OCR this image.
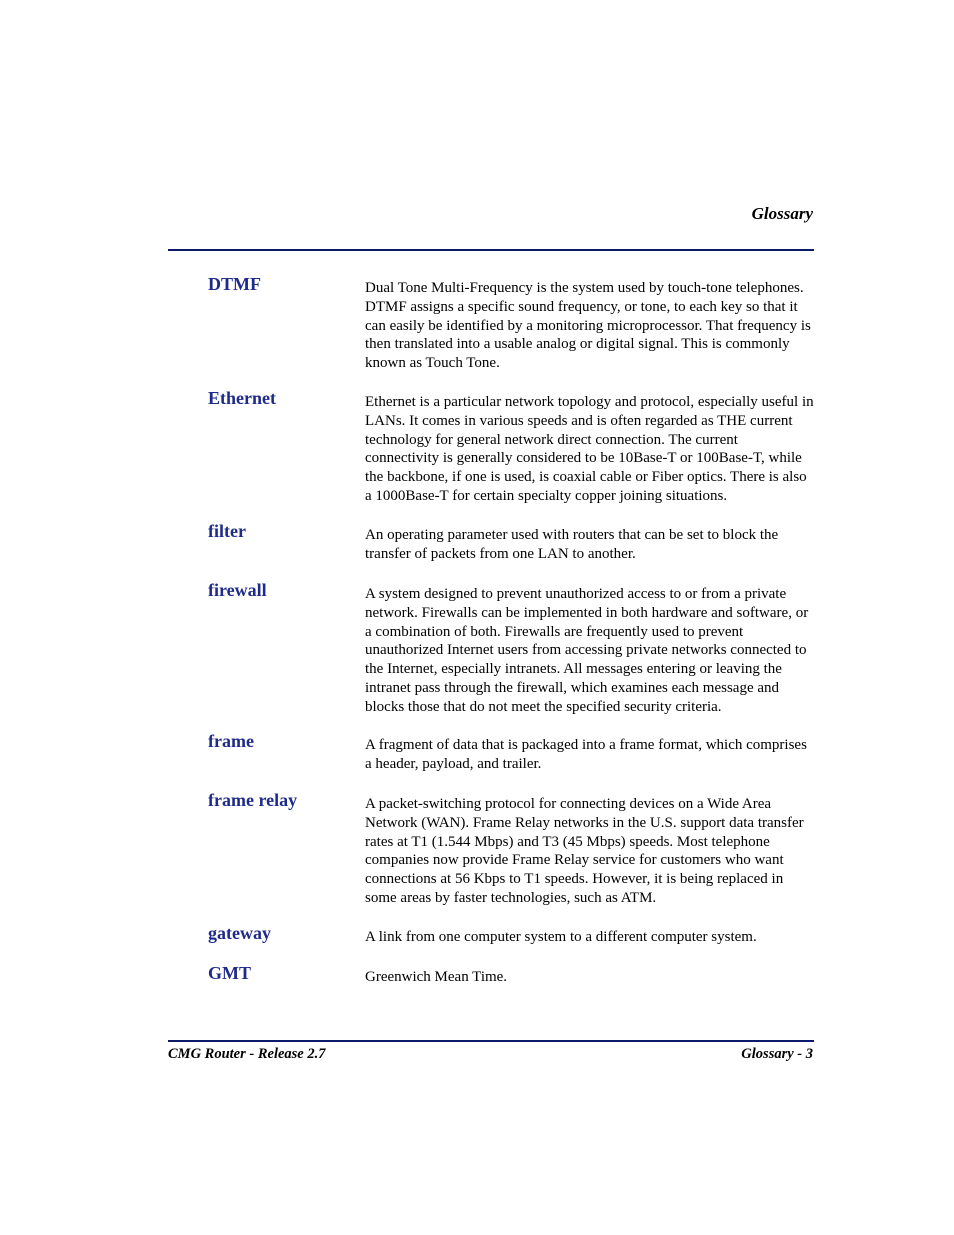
Glossary
DTMF	Dual Tone Multi-Frequency is the system used by touch-tone telephones. DTMF assigns a specific sound frequency, or tone, to each key so that it can easily be identified by a monitoring microprocessor. That frequency is then translated into a usable analog or digital signal. This is commonly known as Touch Tone.

Ethernet	Ethernet is a particular network topology and protocol, especially useful in LANs. It comes in various speeds and is often regarded as THE current technology for general network direct connection. The current connectivity is generally considered to be 10Base-T or 100Base-T, while the backbone, if one is used, is coaxial cable or Fiber optics. There is also a 1000Base-T for certain specialty copper joining situations.

filter	An operating parameter used with routers that can be set to block the transfer of packets from one LAN to another.

firewall	A system designed to prevent unauthorized access to or from a private network. Firewalls can be implemented in both hardware and software, or a combination of both. Firewalls are frequently used to prevent unauthorized Internet users from accessing private networks connected to the Internet, especially intranets. All messages entering or leaving the intranet pass through the firewall, which examines each message and blocks those that do not meet the specified security criteria.

frame	A fragment of data that is packaged into a frame format, which comprises a header, payload, and trailer.

frame relay	A packet-switching protocol for connecting devices on a Wide Area Network (WAN). Frame Relay networks in the U.S. support data transfer rates at T1 (1.544 Mbps) and T3 (45 Mbps) speeds. Most telephone companies now provide Frame Relay service for customers who want connections at 56 Kbps to T1 speeds. However, it is being replaced in some areas by faster technologies, such as ATM.

gateway	A link from one computer system to a different computer system.

GMT	Greenwich Mean Time.

CMG Router - Release 2.7	Glossary - 3
